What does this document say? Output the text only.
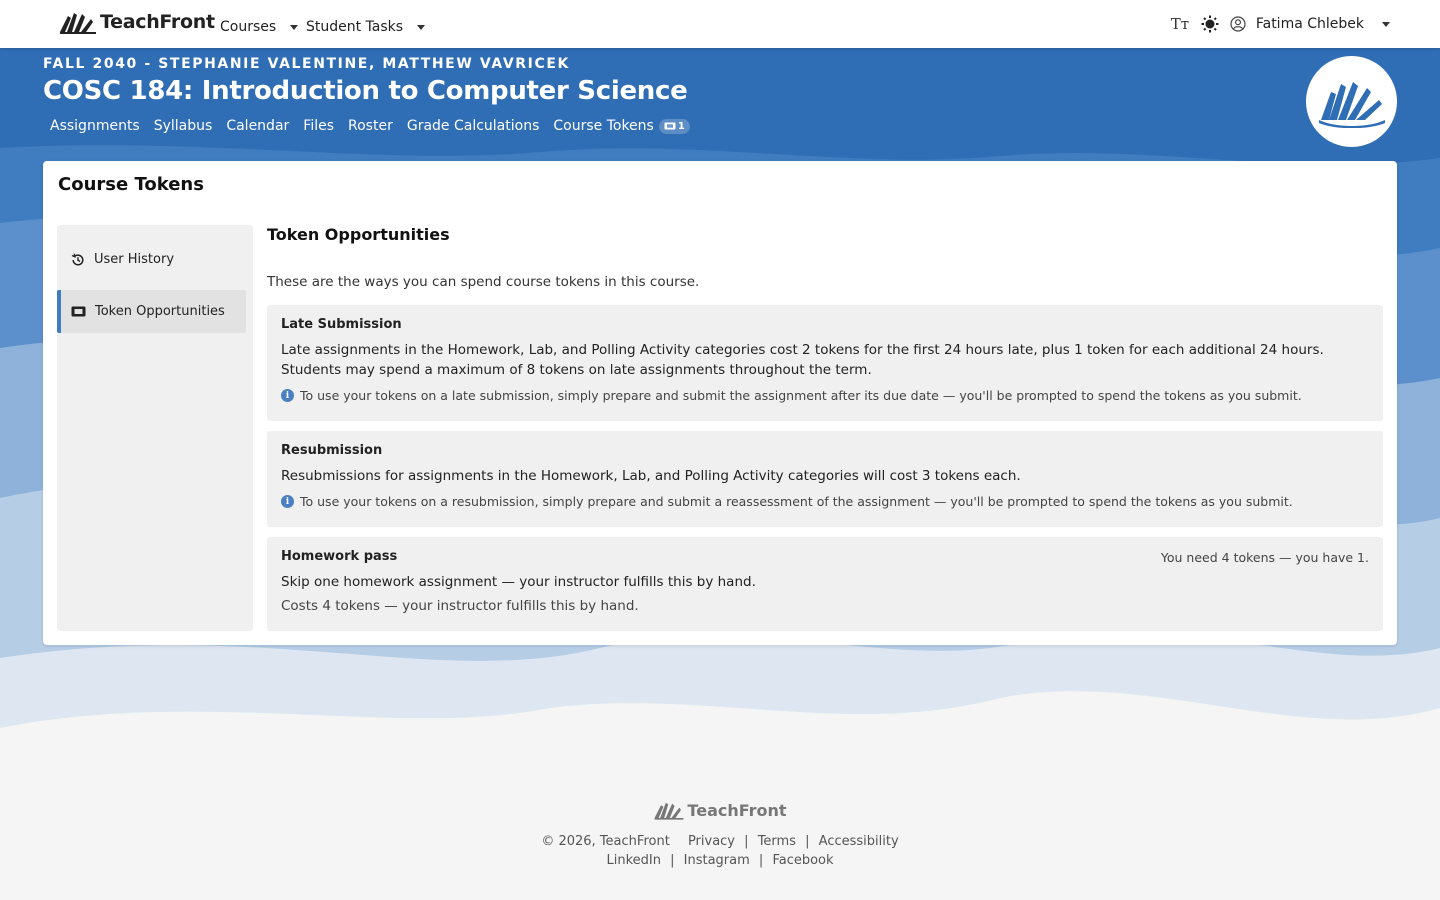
TeachFront Courses Student Tasks	Tт	Fatima Chlebek
FALL 2040 - STEPHANIE VALENTINE, MATTHEW VAVRICEK
COSC 184: Introduction to Computer Science
Assignments Syllabus Calendar Files Roster Grade Calculations Course Tokens 1
Course Tokens
User History
Token Opportunities
Token Opportunities
These are the ways you can spend course tokens in this course.
Late Submission
Late assignments in the Homework, Lab, and Polling Activity categories cost 2 tokens for the first 24 hours late, plus 1 token for each additional 24 hours. Students may spend a maximum of 8 tokens on late assignments throughout the term.
i To use your tokens on a late submission, simply prepare and submit the assignment after its due date — you'll be prompted to spend the tokens as you submit.
Resubmission
Resubmissions for assignments in the Homework, Lab, and Polling Activity categories will cost 3 tokens each.
i To use your tokens on a resubmission, simply prepare and submit a reassessment of the assignment — you'll be prompted to spend the tokens as you submit.
Homework pass	You need 4 tokens — you have 1.
Skip one homework assignment — your instructor fulfills this by hand.
Costs 4 tokens — your instructor fulfills this by hand.
TeachFront
© 2026, TeachFront Privacy | Terms | Accessibility
LinkedIn | Instagram | Facebook
